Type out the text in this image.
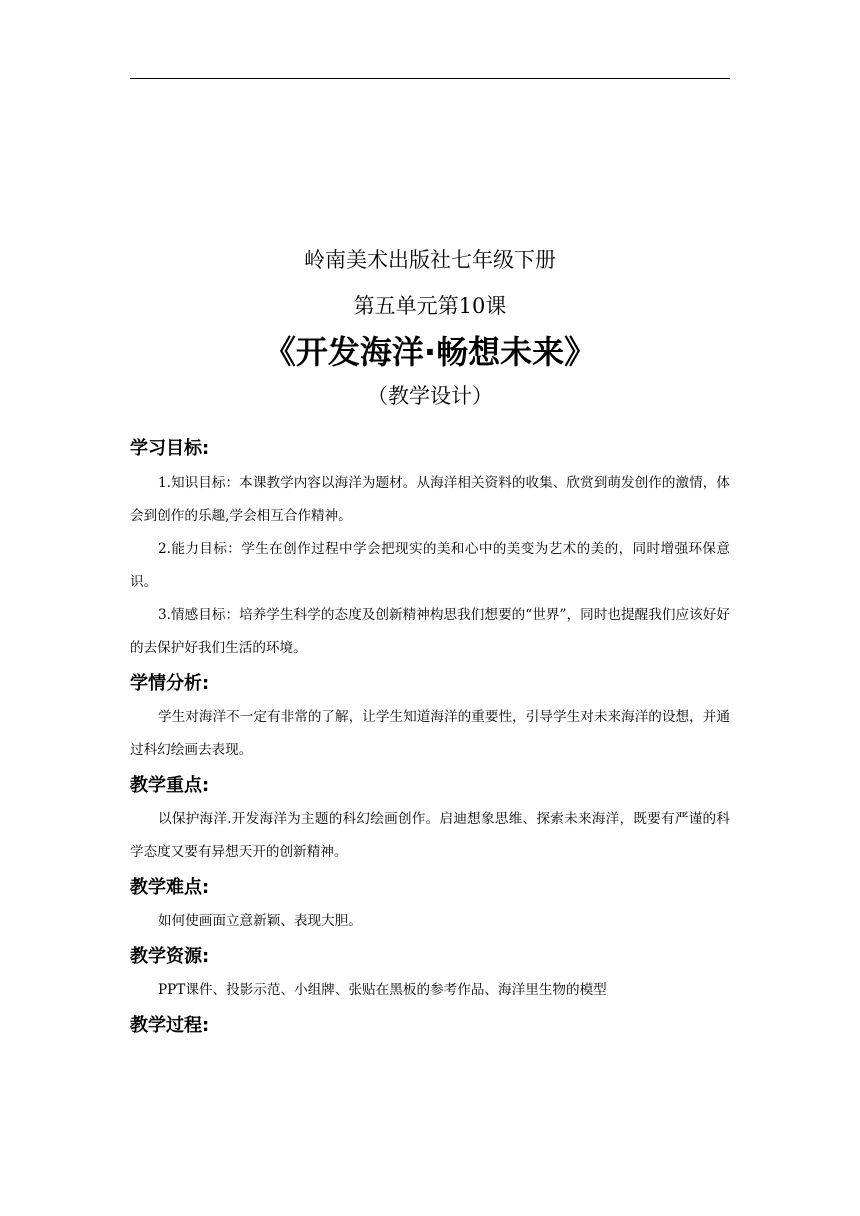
岭南美术出版社七年级下册
第五单元第10课
《开发海洋·畅想未来》
（教学设计）
学习目标:

1.知识目标：本课教学内容以海洋为题材。从海洋相关资料的收集、欣赏到萌发创作的激情，体会到创作的乐趣,学会相互合作精神。

2.能力目标：学生在创作过程中学会把现实的美和心中的美变为艺术的美的，同时增强环保意识。

3.情感目标：培养学生科学的态度及创新精神构思我们想要的“世界”，同时也提醒我们应该好好的去保护好我们生活的环境。

学情分析:

学生对海洋不一定有非常的了解，让学生知道海洋的重要性，引导学生对未来海洋的设想，并通过科幻绘画去表现。

教学重点:

以保护海洋.开发海洋为主题的科幻绘画创作。启迪想象思维、探索未来海洋，既要有严谨的科学态度又要有异想天开的创新精神。

教学难点:

如何使画面立意新颖、表现大胆。

教学资源:

PPT课件、投影示范、小组牌、张贴在黑板的参考作品、海洋里生物的模型

教学过程:
